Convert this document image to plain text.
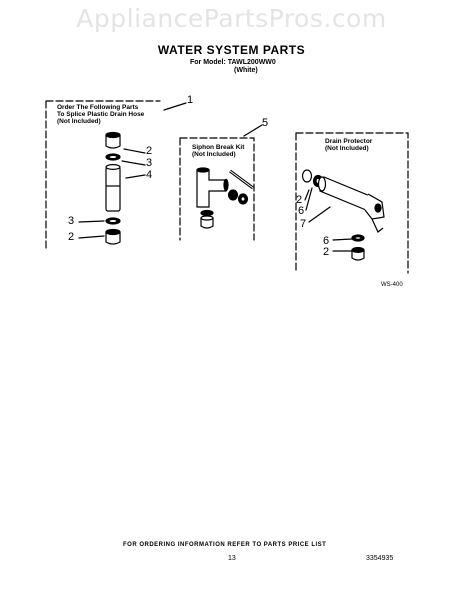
AppliancePartsPros.com
WATER SYSTEM PARTS
For Model: TAWL200WW0
(White)
Order The Following Parts
To Splice Plastic Drain Hose
(Not Included)
Siphon Break Kit
(Not Included)
Drain Protector
(Not Included)
1
2
3
4
3
2
5
2
6
7
6
2
WS-400
FOR ORDERING INFORMATION REFER TO PARTS PRICE LIST
13	3354935
